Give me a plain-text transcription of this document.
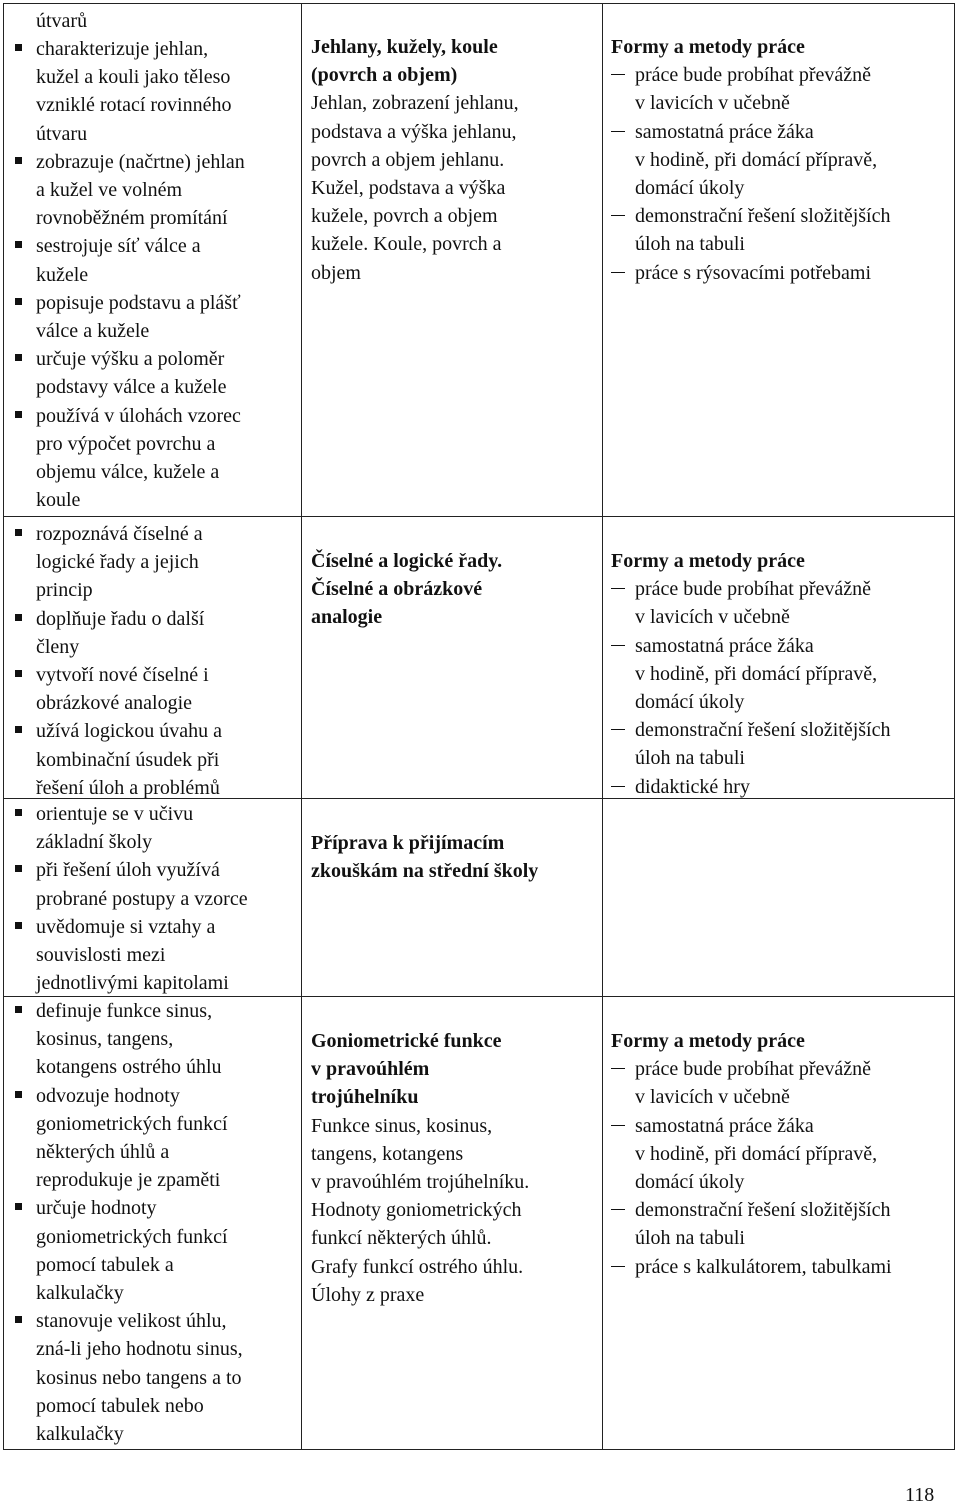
útvarů
charakterizuje jehlan,
kužel a kouli jako těleso
vzniklé rotací rovinného
útvaru
zobrazuje (načrtne) jehlan
a kužel ve volném
rovnoběžném promítání
sestrojuje síť válce a
kužele
popisuje podstavu a plášť
válce a kužele
určuje výšku a poloměr
podstavy válce a kužele
používá v úlohách vzorec
pro výpočet povrchu a
objemu válce, kužele a
koule
Jehlany, kužely, koule
(povrch a objem)
Jehlan, zobrazení jehlanu,
podstava a výška jehlanu,
povrch a objem jehlanu.
Kužel, podstava a výška
kužele, povrch a objem
kužele. Koule, povrch a
objem
Formy a metody práce
práce bude probíhat převážně
v lavicích v učebně
samostatná práce žáka
v hodině, při domácí přípravě,
domácí úkoly
demonstrační řešení složitějších
úloh na tabuli
práce s rýsovacími potřebami
rozpoznává číselné a
logické řady a jejich
princip
doplňuje řadu o další
členy
vytvoří nové číselné i
obrázkové analogie
užívá logickou úvahu a
kombinační úsudek při
řešení úloh a problémů
Číselné a logické řady.
Číselné a obrázkové
analogie
Formy a metody práce
práce bude probíhat převážně
v lavicích v učebně
samostatná práce žáka
v hodině, při domácí přípravě,
domácí úkoly
demonstrační řešení složitějších
úloh na tabuli
didaktické hry
orientuje se v učivu
základní školy
při řešení úloh využívá
probrané postupy a vzorce
uvědomuje si vztahy a
souvislosti mezi
jednotlivými kapitolami
Příprava k přijímacím
zkouškám na střední školy
definuje funkce sinus,
kosinus, tangens,
kotangens ostrého úhlu
odvozuje hodnoty
goniometrických funkcí
některých úhlů a
reprodukuje je zpaměti
určuje hodnoty
goniometrických funkcí
pomocí tabulek a
kalkulačky
stanovuje velikost úhlu,
zná-li jeho hodnotu sinus,
kosinus nebo tangens a to
pomocí tabulek nebo
kalkulačky
Goniometrické funkce
v pravoúhlém
trojúhelníku
Funkce sinus, kosinus,
tangens, kotangens
v pravoúhlém trojúhelníku.
Hodnoty goniometrických
funkcí některých úhlů.
Grafy funkcí ostrého úhlu.
Úlohy z praxe
Formy a metody práce
práce bude probíhat převážně
v lavicích v učebně
samostatná práce žáka
v hodině, při domácí přípravě,
domácí úkoly
demonstrační řešení složitějších
úloh na tabuli
práce s kalkulátorem, tabulkami
118
